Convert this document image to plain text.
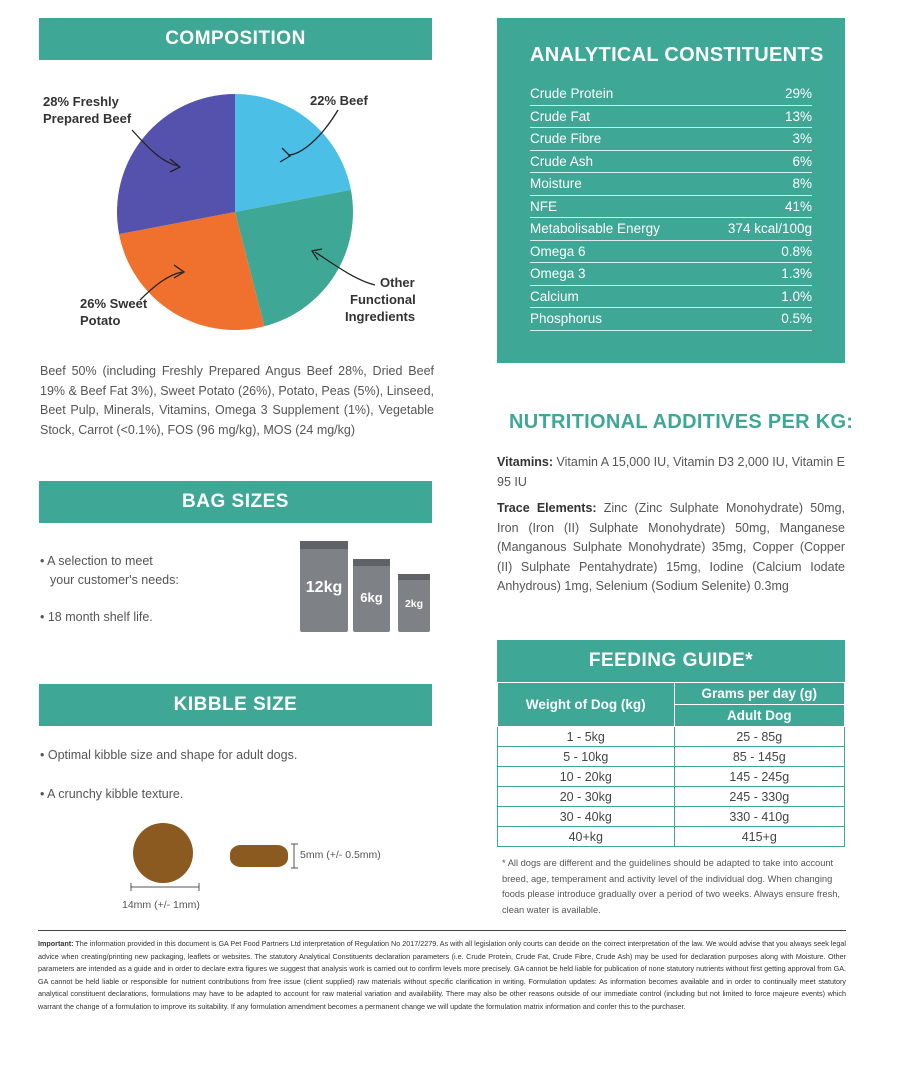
COMPOSITION
22% Beef
28% Freshly
Prepared Beef
Other
Functional
Ingredients
26% Sweet
Potato
Beef 50% (including Freshly Prepared Angus Beef 28%, Dried Beef 19% & Beef Fat 3%), Sweet Potato (26%), Potato, Peas (5%), Linseed, Beet Pulp, Minerals, Vitamins, Omega 3 Supplement (1%), Vegetable Stock, Carrot (<0.1%), FOS (96 mg/kg), MOS (24 mg/kg)
BAG SIZES
• A selection to meet
your customer's needs:
• 18 month shelf life.
12kg
6kg	2kg
KIBBLE SIZE
• Optimal kibble size and shape for adult dogs.
• A crunchy kibble texture.
14mm (+/- 1mm)
5mm (+/- 0.5mm)
ANALYTICAL CONSTITUENTS
Crude Protein	29%
Crude Fat	13%
Crude Fibre	3%
Crude Ash	6%
Moisture	8%
NFE	41%
Metabolisable Energy	374 kcal/100g
Omega 6	0.8%
Omega 3	1.3%
Calcium	1.0%
Phosphorus	0.5%
NUTRITIONAL ADDITIVES PER KG:
Vitamins: Vitamin A 15,000 IU, Vitamin D3 2,000 IU, Vitamin E 95 IU
Trace Elements: Zinc (Zinc Sulphate Monohydrate) 50mg, Iron (Iron (II) Sulphate Monohydrate) 50mg, Manganese (Manganous Sulphate Monohydrate) 35mg, Copper (Copper (II) Sulphate Pentahydrate) 15mg, Iodine (Calcium Iodate Anhydrous) 1mg, Selenium (Sodium Selenite) 0.3mg
FEEDING GUIDE*
Weight of Dog (kg)	Grams per day (g)
	Adult Dog
1 - 5kg	25 - 85g
5 - 10kg	85 - 145g
10 - 20kg	145 - 245g
20 - 30kg	245 - 330g
30 - 40kg	330 - 410g
40+kg	415+g
* All dogs are different and the guidelines should be adapted to take into account breed, age, temperament and activity level of the individual dog. When changing foods please introduce gradually over a period of two weeks. Always ensure fresh, clean water is available.
Important: The information provided in this document is GA Pet Food Partners Ltd interpretation of Regulation No 2017/2279. As with all legislation only courts can decide on the correct interpretation of the law. We would advise that you always seek legal advice when creating/printing new packaging, leaflets or websites. The statutory Analytical Constituents declaration parameters (i.e. Crude Protein, Crude Fat, Crude Fibre, Crude Ash) may be used for declaration purposes along with Moisture. Other parameters are intended as a guide and in order to declare extra figures we suggest that analysis work is carried out to confirm levels more precisely. GA cannot be held liable for publication of none statutory nutrients without first getting approval from GA. GA cannot be held liable or responsible for nutrient contributions from free issue (client supplied) raw materials without specific clarification in writing. Formulation updates: As information becomes available and in order to continually meet statutory analytical constituent declarations, formulations may have to be adapted to account for raw material variation and availability. There may also be other reasons outside of our immediate control (including but not limited to force majeure events) which warrant the change of a formulation to improve its suitability. If any formulation amendment becomes a permanent change we will update the formulation matrix information and confer this to the purchaser.
